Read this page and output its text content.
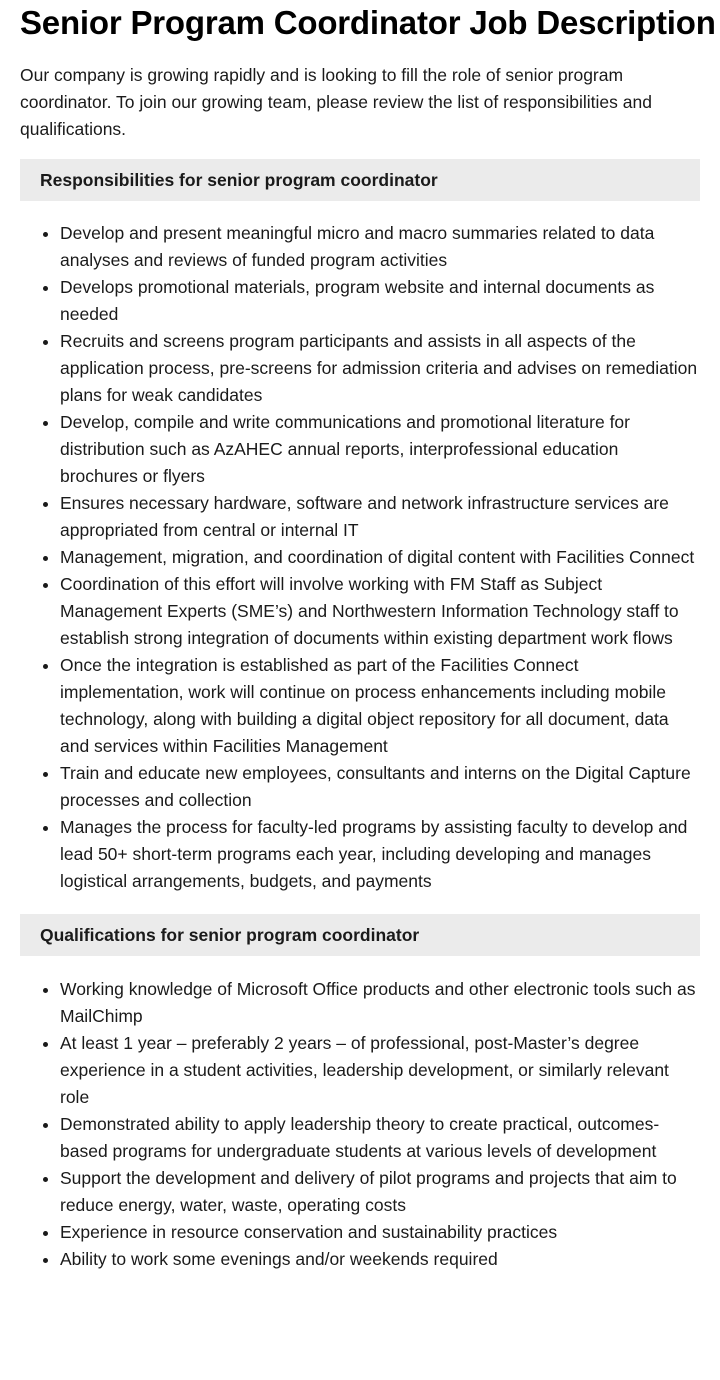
Senior Program Coordinator Job Description

Our company is growing rapidly and is looking to fill the role of senior program coordinator. To join our growing team, please review the list of responsibilities and qualifications.

Responsibilities for senior program coordinator
• Develop and present meaningful micro and macro summaries related to data analyses and reviews of funded program activities
• Develops promotional materials, program website and internal documents as needed
• Recruits and screens program participants and assists in all aspects of the application process, pre-screens for admission criteria and advises on remediation plans for weak candidates
• Develop, compile and write communications and promotional literature for distribution such as AzAHEC annual reports, interprofessional education brochures or flyers
• Ensures necessary hardware, software and network infrastructure services are appropriated from central or internal IT
• Management, migration, and coordination of digital content with Facilities Connect
• Coordination of this effort will involve working with FM Staff as Subject Management Experts (SME’s) and Northwestern Information Technology staff to establish strong integration of documents within existing department work flows
• Once the integration is established as part of the Facilities Connect implementation, work will continue on process enhancements including mobile technology, along with building a digital object repository for all document, data and services within Facilities Management
• Train and educate new employees, consultants and interns on the Digital Capture processes and collection
• Manages the process for faculty-led programs by assisting faculty to develop and lead 50+ short-term programs each year, including developing and manages logistical arrangements, budgets, and payments
Qualifications for senior program coordinator
• Working knowledge of Microsoft Office products and other electronic tools such as MailChimp
• At least 1 year – preferably 2 years – of professional, post-Master’s degree experience in a student activities, leadership development, or similarly relevant role
• Demonstrated ability to apply leadership theory to create practical, outcomes-based programs for undergraduate students at various levels of development
• Support the development and delivery of pilot programs and projects that aim to reduce energy, water, waste, operating costs
• Experience in resource conservation and sustainability practices
• Ability to work some evenings and/or weekends required
